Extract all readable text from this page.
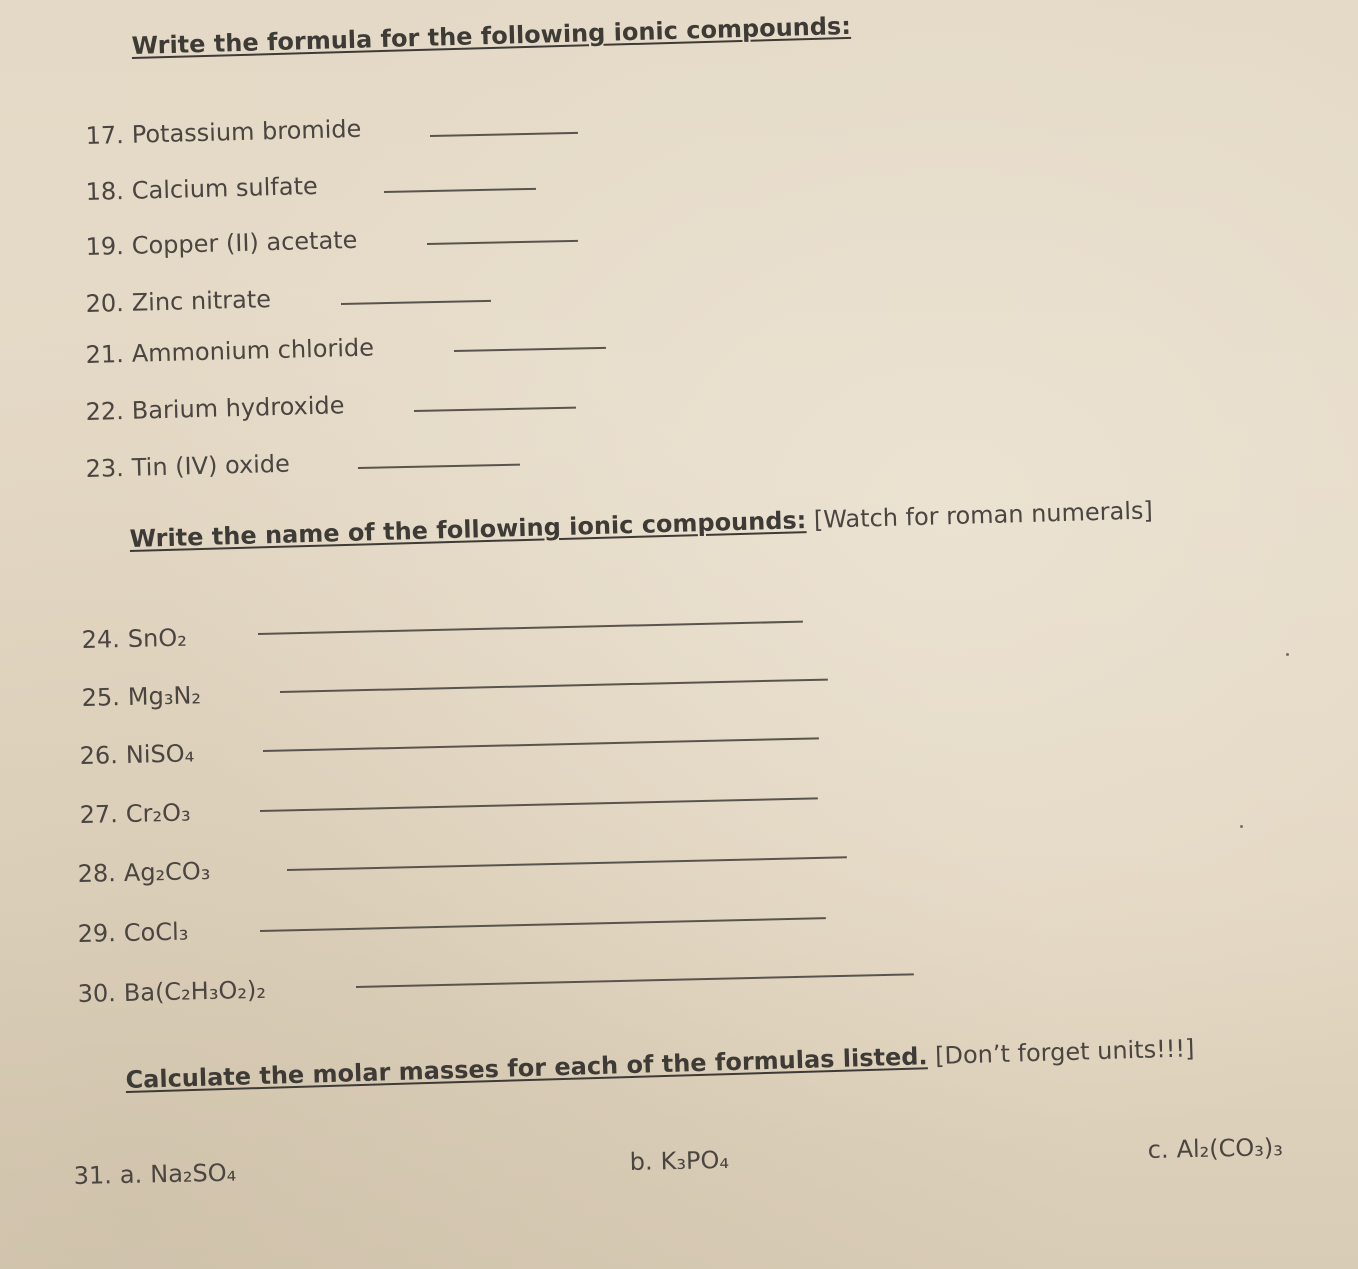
Write the formula for the following ionic compounds:
17. Potassium bromide
18. Calcium sulfate
19. Copper (II) acetate
20. Zinc nitrate
21. Ammonium chloride
22. Barium hydroxide
23. Tin (IV) oxide
Write the name of the following ionic compounds: [Watch for roman numerals]
24. SnO₂
25. Mg₃N₂
26. NiSO₄
27. Cr₂O₃
28. Ag₂CO₃
29. CoCl₃
30. Ba(C₂H₃O₂)₂
Calculate the molar masses for each of the formulas listed. [Don’t forget units!!!]
31. a. Na₂SO₄	b. K₃PO₄	c. Al₂(CO₃)₃
